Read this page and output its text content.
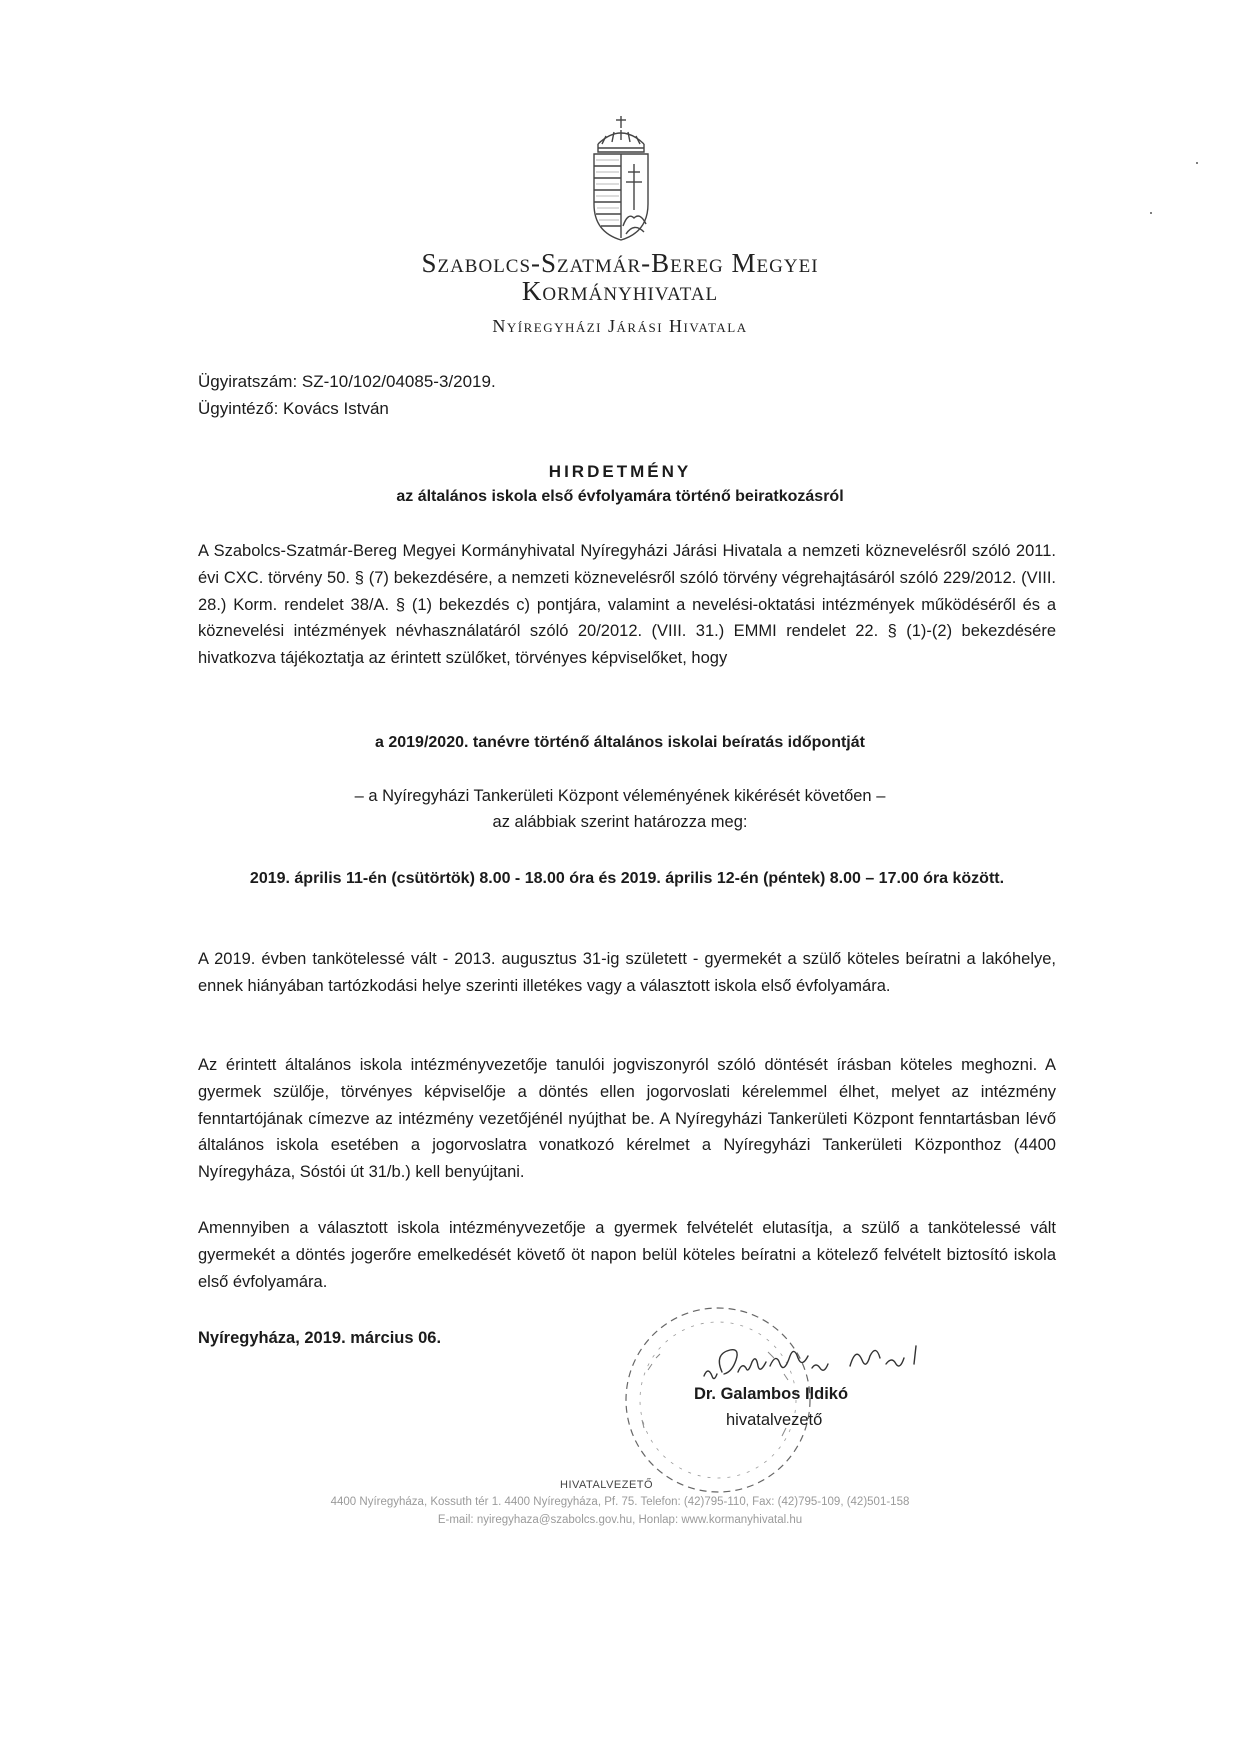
Szabolcs-Szatmár-Bereg Megyei
Kormányhivatal
Nyíregyházi Járási Hivatala
Ügyiratszám: SZ-10/102/04085-3/2019.
Ügyintéző: Kovács István
HIRDETMÉNY
az általános iskola első évfolyamára történő beiratkozásról
A Szabolcs-Szatmár-Bereg Megyei Kormányhivatal Nyíregyházi Járási Hivatala a nemzeti köznevelésről szóló 2011. évi CXC. törvény 50. § (7) bekezdésére, a nemzeti köznevelésről szóló törvény végrehajtásáról szóló 229/2012. (VIII. 28.) Korm. rendelet 38/A. § (1) bekezdés c) pontjára, valamint a nevelési-oktatási intézmények működéséről és a köznevelési intézmények névhasználatáról szóló 20/2012. (VIII. 31.) EMMI rendelet 22. § (1)-(2) bekezdésére hivatkozva tájékoztatja az érintett szülőket, törvényes képviselőket, hogy
a 2019/2020. tanévre történő általános iskolai beíratás időpontját
– a Nyíregyházi Tankerületi Központ véleményének kikérését követően –
az alábbiak szerint határozza meg:
2019. április 11-én (csütörtök) 8.00 - 18.00 óra és 2019. április 12-én (péntek) 8.00 – 17.00 óra között.
A 2019. évben tankötelessé vált - 2013. augusztus 31-ig született - gyermekét a szülő köteles beíratni a lakóhelye, ennek hiányában tartózkodási helye szerinti illetékes vagy a választott iskola első évfolyamára.
Az érintett általános iskola intézményvezetője tanulói jogviszonyról szóló döntését írásban köteles meghozni. A gyermek szülője, törvényes képviselője a döntés ellen jogorvoslati kérelemmel élhet, melyet az intézmény fenntartójának címezve az intézmény vezetőjénél nyújthat be. A Nyíregyházi Tankerületi Központ fenntartásban lévő általános iskola esetében a jogorvoslatra vonatkozó kérelmet a Nyíregyházi Tankerületi Központhoz (4400 Nyíregyháza, Sóstói út 31/b.) kell benyújtani.
Amennyiben a választott iskola intézményvezetője a gyermek felvételét elutasítja, a szülő a tankötelessé vált gyermekét a döntés jogerőre emelkedését követő öt napon belül köteles beíratni a kötelező felvételt biztosító iskola első évfolyamára.
Nyíregyháza, 2019. március 06.
Dr. Galambos Ildikó
hivatalvezető
HIVATALVEZETŐ
4400 Nyíregyháza, Kossuth tér 1. 4400 Nyíregyháza, Pf. 75. Telefon: (42)795-110, Fax: (42)795-109, (42)501-158
E-mail: nyiregyhaza@szabolcs.gov.hu, Honlap: www.kormanyhivatal.hu
